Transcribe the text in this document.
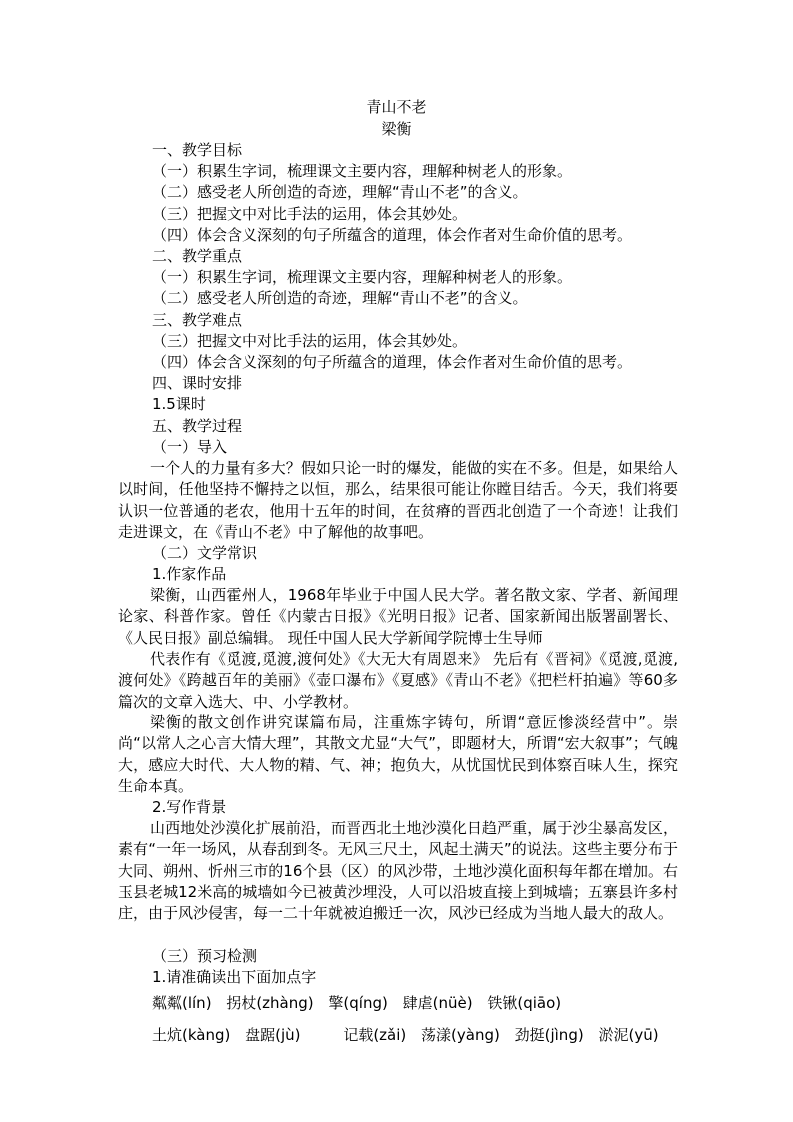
青山不老
梁衡
一、教学目标
（一）积累生字词，梳理课文主要内容，理解种树老人的形象。
（二）感受老人所创造的奇迹，理解“青山不老”的含义。
（三）把握文中对比手法的运用，体会其妙处。
（四）体会含义深刻的句子所蕴含的道理，体会作者对生命价值的思考。
二、教学重点
（一）积累生字词，梳理课文主要内容，理解种树老人的形象。
（二）感受老人所创造的奇迹，理解“青山不老”的含义。
三、教学难点
（三）把握文中对比手法的运用，体会其妙处。
（四）体会含义深刻的句子所蕴含的道理，体会作者对生命价值的思考。
四、课时安排
1.5课时
五、教学过程
（一）导入
一个人的力量有多大？假如只论一时的爆发，能做的实在不多。但是，如果给人以时间，任他坚持不懈持之以恒，那么，结果很可能让你瞠目结舌。今天，我们将要认识一位普通的老农，他用十五年的时间，在贫瘠的晋西北创造了一个奇迹！让我们走进课文，在《青山不老》中了解他的故事吧。
（二）文学常识
1.作家作品
梁衡，山西霍州人，1968年毕业于中国人民大学。著名散文家、学者、新闻理论家、科普作家。曾任《内蒙古日报》《光明日报》记者、国家新闻出版署副署长、《人民日报》副总编辑。 现任中国人民大学新闻学院博士生导师
代表作有《觅渡,觅渡,渡何处》《大无大有周恩来》 先后有《晋祠》《觅渡,觅渡,渡何处》《跨越百年的美丽》《壶口瀑布》《夏感》《青山不老》《把栏杆拍遍》等60多篇次的文章入选大、中、小学教材。
梁衡的散文创作讲究谋篇布局，注重炼字铸句，所谓“意匠惨淡经营中”。崇尚“以常人之心言大情大理”，其散文尤显“大气”，即题材大，所谓“宏大叙事”；气魄大，感应大时代、大人物的精、气、神；抱负大，从忧国忧民到体察百味人生，探究生命本真。
2.写作背景
山西地处沙漠化扩展前沿，而晋西北土地沙漠化日趋严重，属于沙尘暴高发区，素有“一年一场风，从春刮到冬。无风三尺土，风起土满天”的说法。这些主要分布于大同、朔州、忻州三市的16个县（区）的风沙带，土地沙漠化面积每年都在增加。右玉县老城12米高的城墙如今已被黄沙埋没，人可以沿坡直接上到城墙；五寨县许多村庄，由于风沙侵害，每一二十年就被迫搬迁一次，风沙已经成为当地人最大的敌人。
（三）预习检测
1.请准确读出下面加点字
粼粼(lín) 拐杖(zhàng) 擎(qíng) 肆虐(nüè) 铁锹(qiāo)
土炕(kàng) 盘踞(jù)	记载(zǎi) 荡漾(yàng) 劲挺(jìng) 淤泥(yū)
